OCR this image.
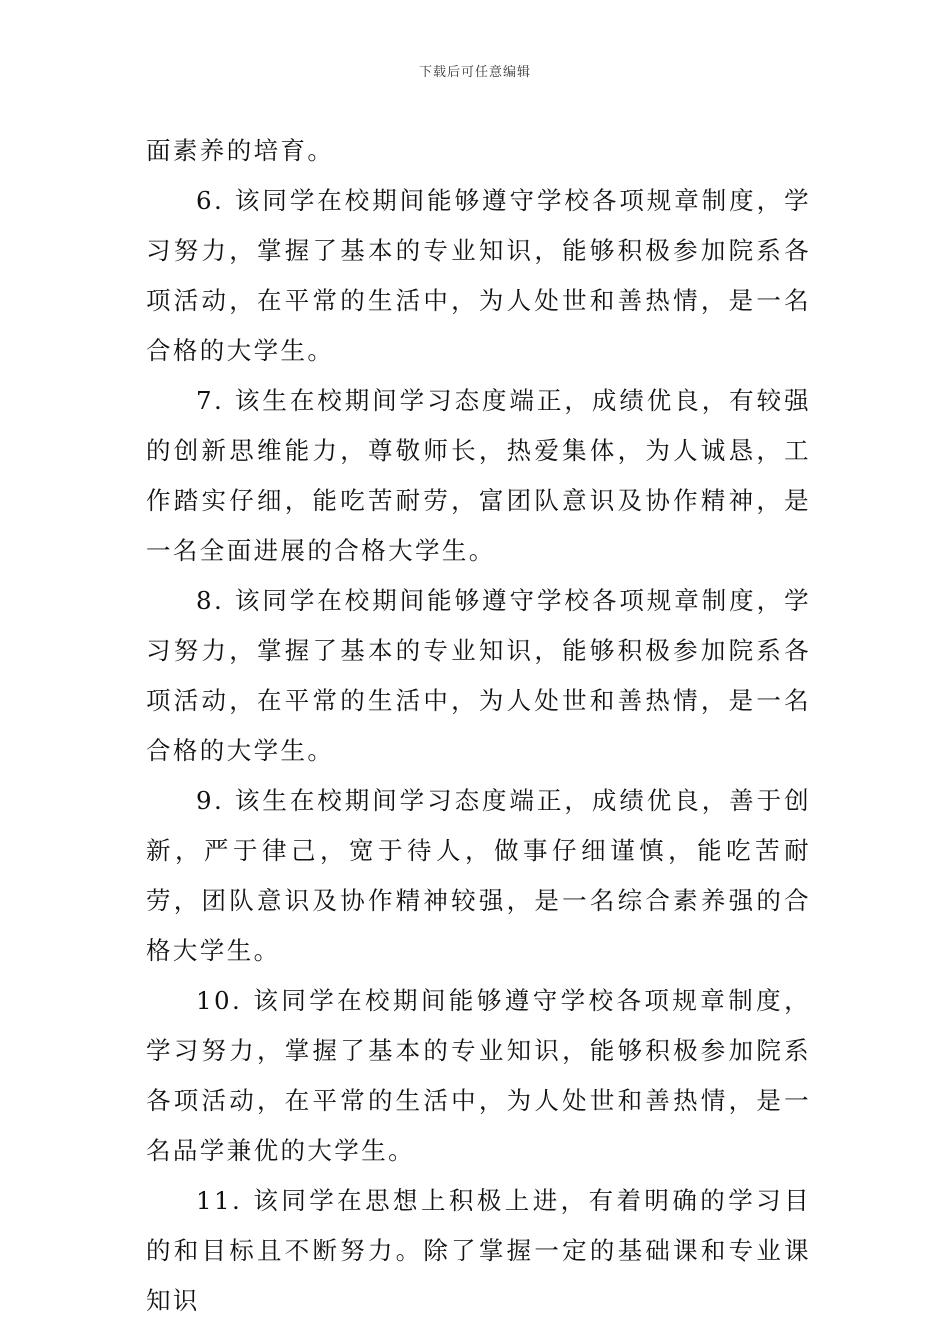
下载后可任意编辑

面素养的培育。

6. 该同学在校期间能够遵守学校各项规章制度，学习努力，掌握了基本的专业知识，能够积极参加院系各项活动，在平常的生活中，为人处世和善热情，是一名合格的大学生。

7. 该生在校期间学习态度端正，成绩优良，有较强的创新思维能力，尊敬师长，热爱集体，为人诚恳，工作踏实仔细，能吃苦耐劳，富团队意识及协作精神，是一名全面进展的合格大学生。

8. 该同学在校期间能够遵守学校各项规章制度，学习努力，掌握了基本的专业知识，能够积极参加院系各项活动，在平常的生活中，为人处世和善热情，是一名合格的大学生。

9. 该生在校期间学习态度端正，成绩优良，善于创新，严于律己，宽于待人，做事仔细谨慎，能吃苦耐劳，团队意识及协作精神较强，是一名综合素养强的合格大学生。

10. 该同学在校期间能够遵守学校各项规章制度，学习努力，掌握了基本的专业知识，能够积极参加院系各项活动，在平常的生活中，为人处世和善热情，是一名品学兼优的大学生。

11. 该同学在思想上积极上进，有着明确的学习目的和目标且不断努力。除了掌握一定的基础课和专业课知识
